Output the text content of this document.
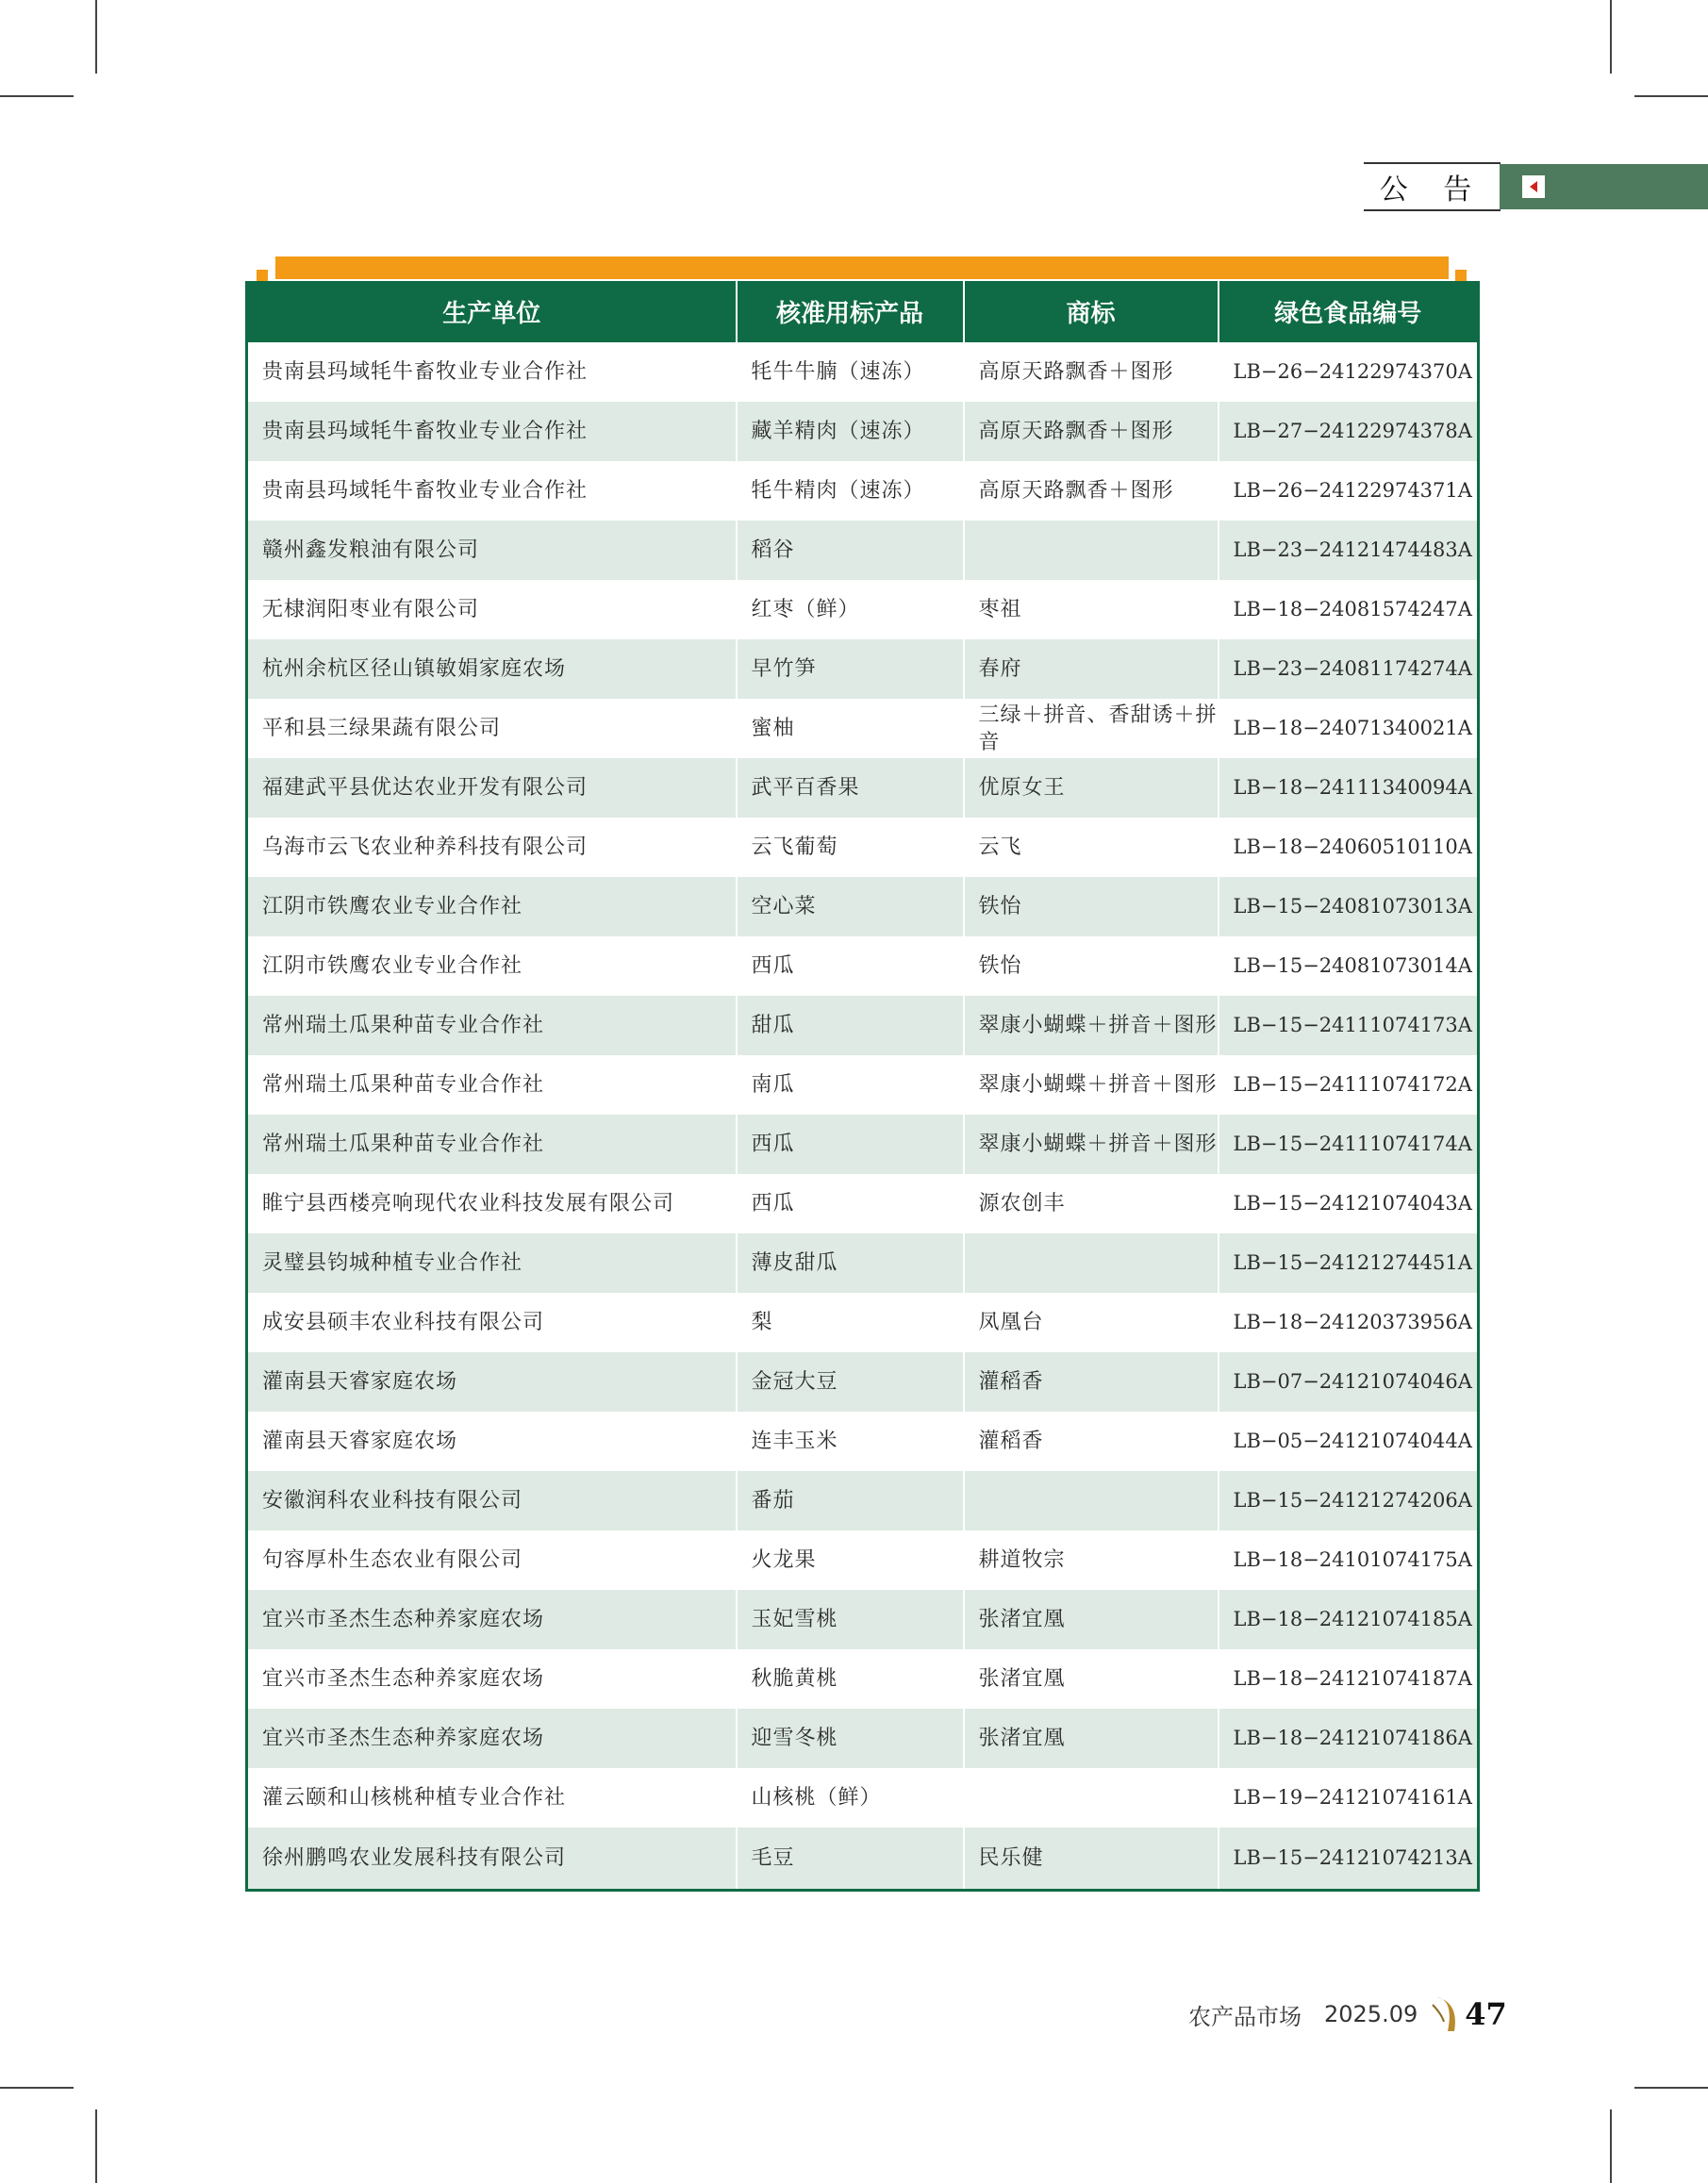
公 告
生产单位	核准用标产品	商标	绿色食品编号
贵南县玛域牦牛畜牧业专业合作社	牦牛牛腩（速冻）	高原天路飘香＋图形	LB−26−24122974370A
贵南县玛域牦牛畜牧业专业合作社	藏羊精肉（速冻）	高原天路飘香＋图形	LB−27−24122974378A
贵南县玛域牦牛畜牧业专业合作社	牦牛精肉（速冻）	高原天路飘香＋图形	LB−26−24122974371A
赣州鑫发粮油有限公司	稻谷		LB−23−24121474483A
无棣润阳枣业有限公司	红枣（鲜）	枣祖	LB−18−24081574247A
杭州余杭区径山镇敏娟家庭农场	早竹笋	春府	LB−23−24081174274A
平和县三绿果蔬有限公司	蜜柚	三绿＋拼音、香甜诱＋拼音	LB−18−24071340021A
福建武平县优达农业开发有限公司	武平百香果	优原女王	LB−18−24111340094A
乌海市云飞农业种养科技有限公司	云飞葡萄	云飞	LB−18−24060510110A
江阴市铁鹰农业专业合作社	空心菜	铁怡	LB−15−24081073013A
江阴市铁鹰农业专业合作社	西瓜	铁怡	LB−15−24081073014A
常州瑞土瓜果种苗专业合作社	甜瓜	翠康小蝴蝶＋拼音＋图形	LB−15−24111074173A
常州瑞土瓜果种苗专业合作社	南瓜	翠康小蝴蝶＋拼音＋图形	LB−15−24111074172A
常州瑞土瓜果种苗专业合作社	西瓜	翠康小蝴蝶＋拼音＋图形	LB−15−24111074174A
睢宁县西楼亮响现代农业科技发展有限公司	西瓜	源农创丰	LB−15−24121074043A
灵璧县钧城种植专业合作社	薄皮甜瓜		LB−15−24121274451A
成安县硕丰农业科技有限公司	梨	凤凰台	LB−18−24120373956A
灌南县天睿家庭农场	金冠大豆	灌稻香	LB−07−24121074046A
灌南县天睿家庭农场	连丰玉米	灌稻香	LB−05−24121074044A
安徽润科农业科技有限公司	番茄		LB−15−24121274206A
句容厚朴生态农业有限公司	火龙果	耕道牧宗	LB−18−24101074175A
宜兴市圣杰生态种养家庭农场	玉妃雪桃	张渚宜凰	LB−18−24121074185A
宜兴市圣杰生态种养家庭农场	秋脆黄桃	张渚宜凰	LB−18−24121074187A
宜兴市圣杰生态种养家庭农场	迎雪冬桃	张渚宜凰	LB−18−24121074186A
灌云颐和山核桃种植专业合作社	山核桃（鲜）		LB−19−24121074161A
徐州鹏鸣农业发展科技有限公司	毛豆	民乐健	LB−15−24121074213A
农产品市场 2025.09 47
